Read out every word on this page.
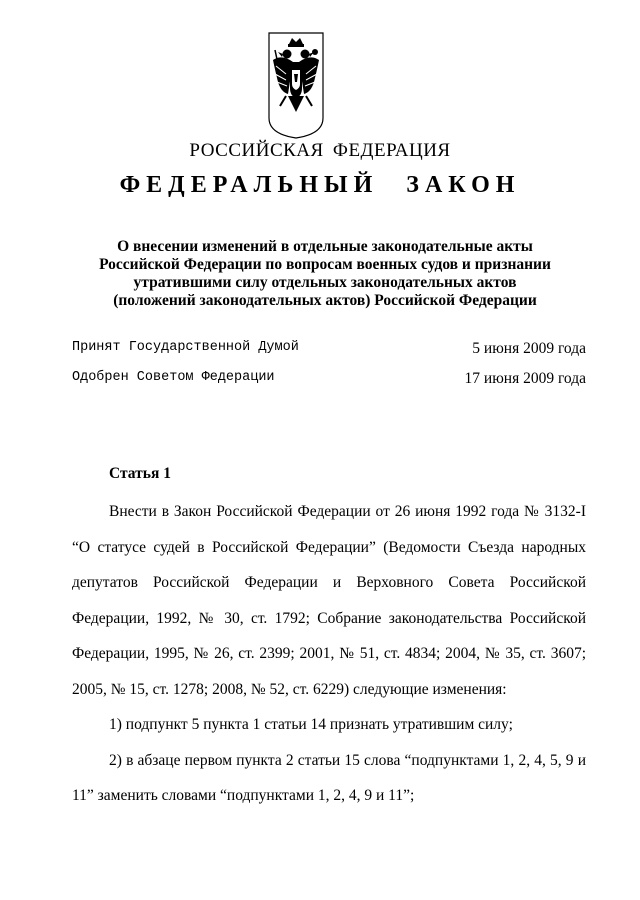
РОССИЙСКАЯ ФЕДЕРАЦИЯ
ФЕДЕРАЛЬНЫЙ ЗАКОН
О внесении изменений в отдельные законодательные акты
Российской Федерации по вопросам военных судов и признании
утратившими силу отдельных законодательных актов
(положений законодательных актов) Российской Федерации
Принят Государственной Думой	5 июня 2009 года
Одобрен Советом Федерации	17 июня 2009 года
Статья 1

Внести в Закон Российской Федерации от 26 июня 1992 года № 3132-I “О статусе судей в Российской Федерации” (Ведомости Съезда народных депутатов Российской Федерации и Верховного Совета Российской Федерации, 1992, № 30, ст. 1792; Собрание законодательства Российской Федерации, 1995, № 26, ст. 2399; 2001, № 51, ст. 4834; 2004, № 35, ст. 3607; 2005, № 15, ст. 1278; 2008, № 52, ст. 6229) следующие изменения:

1) подпункт 5 пункта 1 статьи 14 признать утратившим силу;

2) в абзаце первом пункта 2 статьи 15 слова “подпунктами 1, 2, 4, 5, 9 и 11” заменить словами “подпунктами 1, 2, 4, 9 и 11”;
